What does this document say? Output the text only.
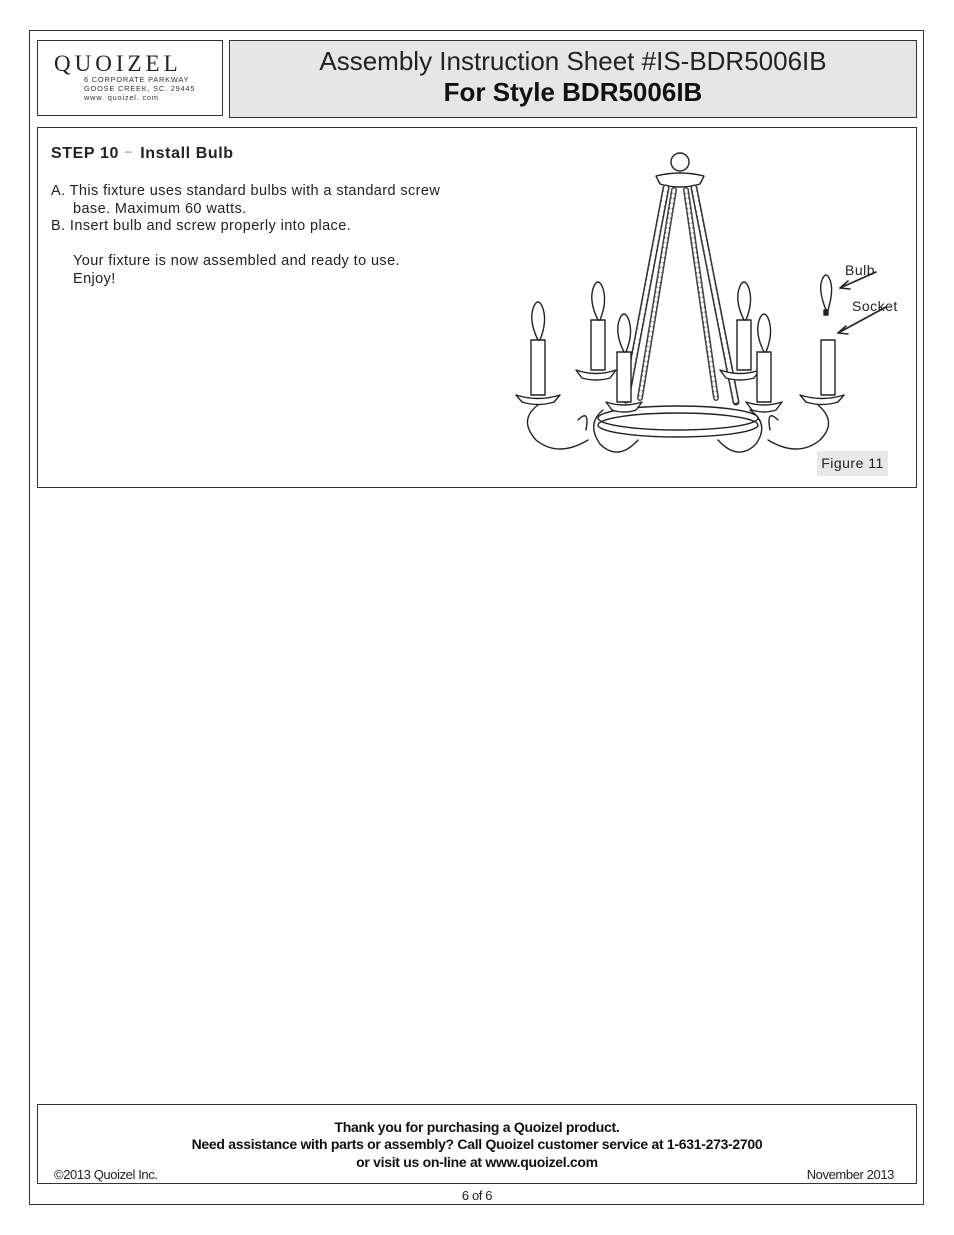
QUOIZEL
6 CORPORATE PARKWAY
GOOSE CREEK, SC. 29445
www. quoizel. com
Assembly Instruction Sheet #IS-BDR5006IB
For Style BDR5006IB
STEP 10 – Install Bulb
A. This fixture uses standard bulbs with a standard screw
base. Maximum 60 watts.
B. Insert bulb and screw properly into place.
Your fixture is now assembled and ready to use.
Enjoy!
Bulb
Socket
Figure 11
Thank you for purchasing a Quoizel product.
Need assistance with parts or assembly? Call Quoizel customer service at 1-631-273-2700
or visit us on-line at www.quoizel.com
©2013 Quoizel Inc.	November 2013
6 of 6
